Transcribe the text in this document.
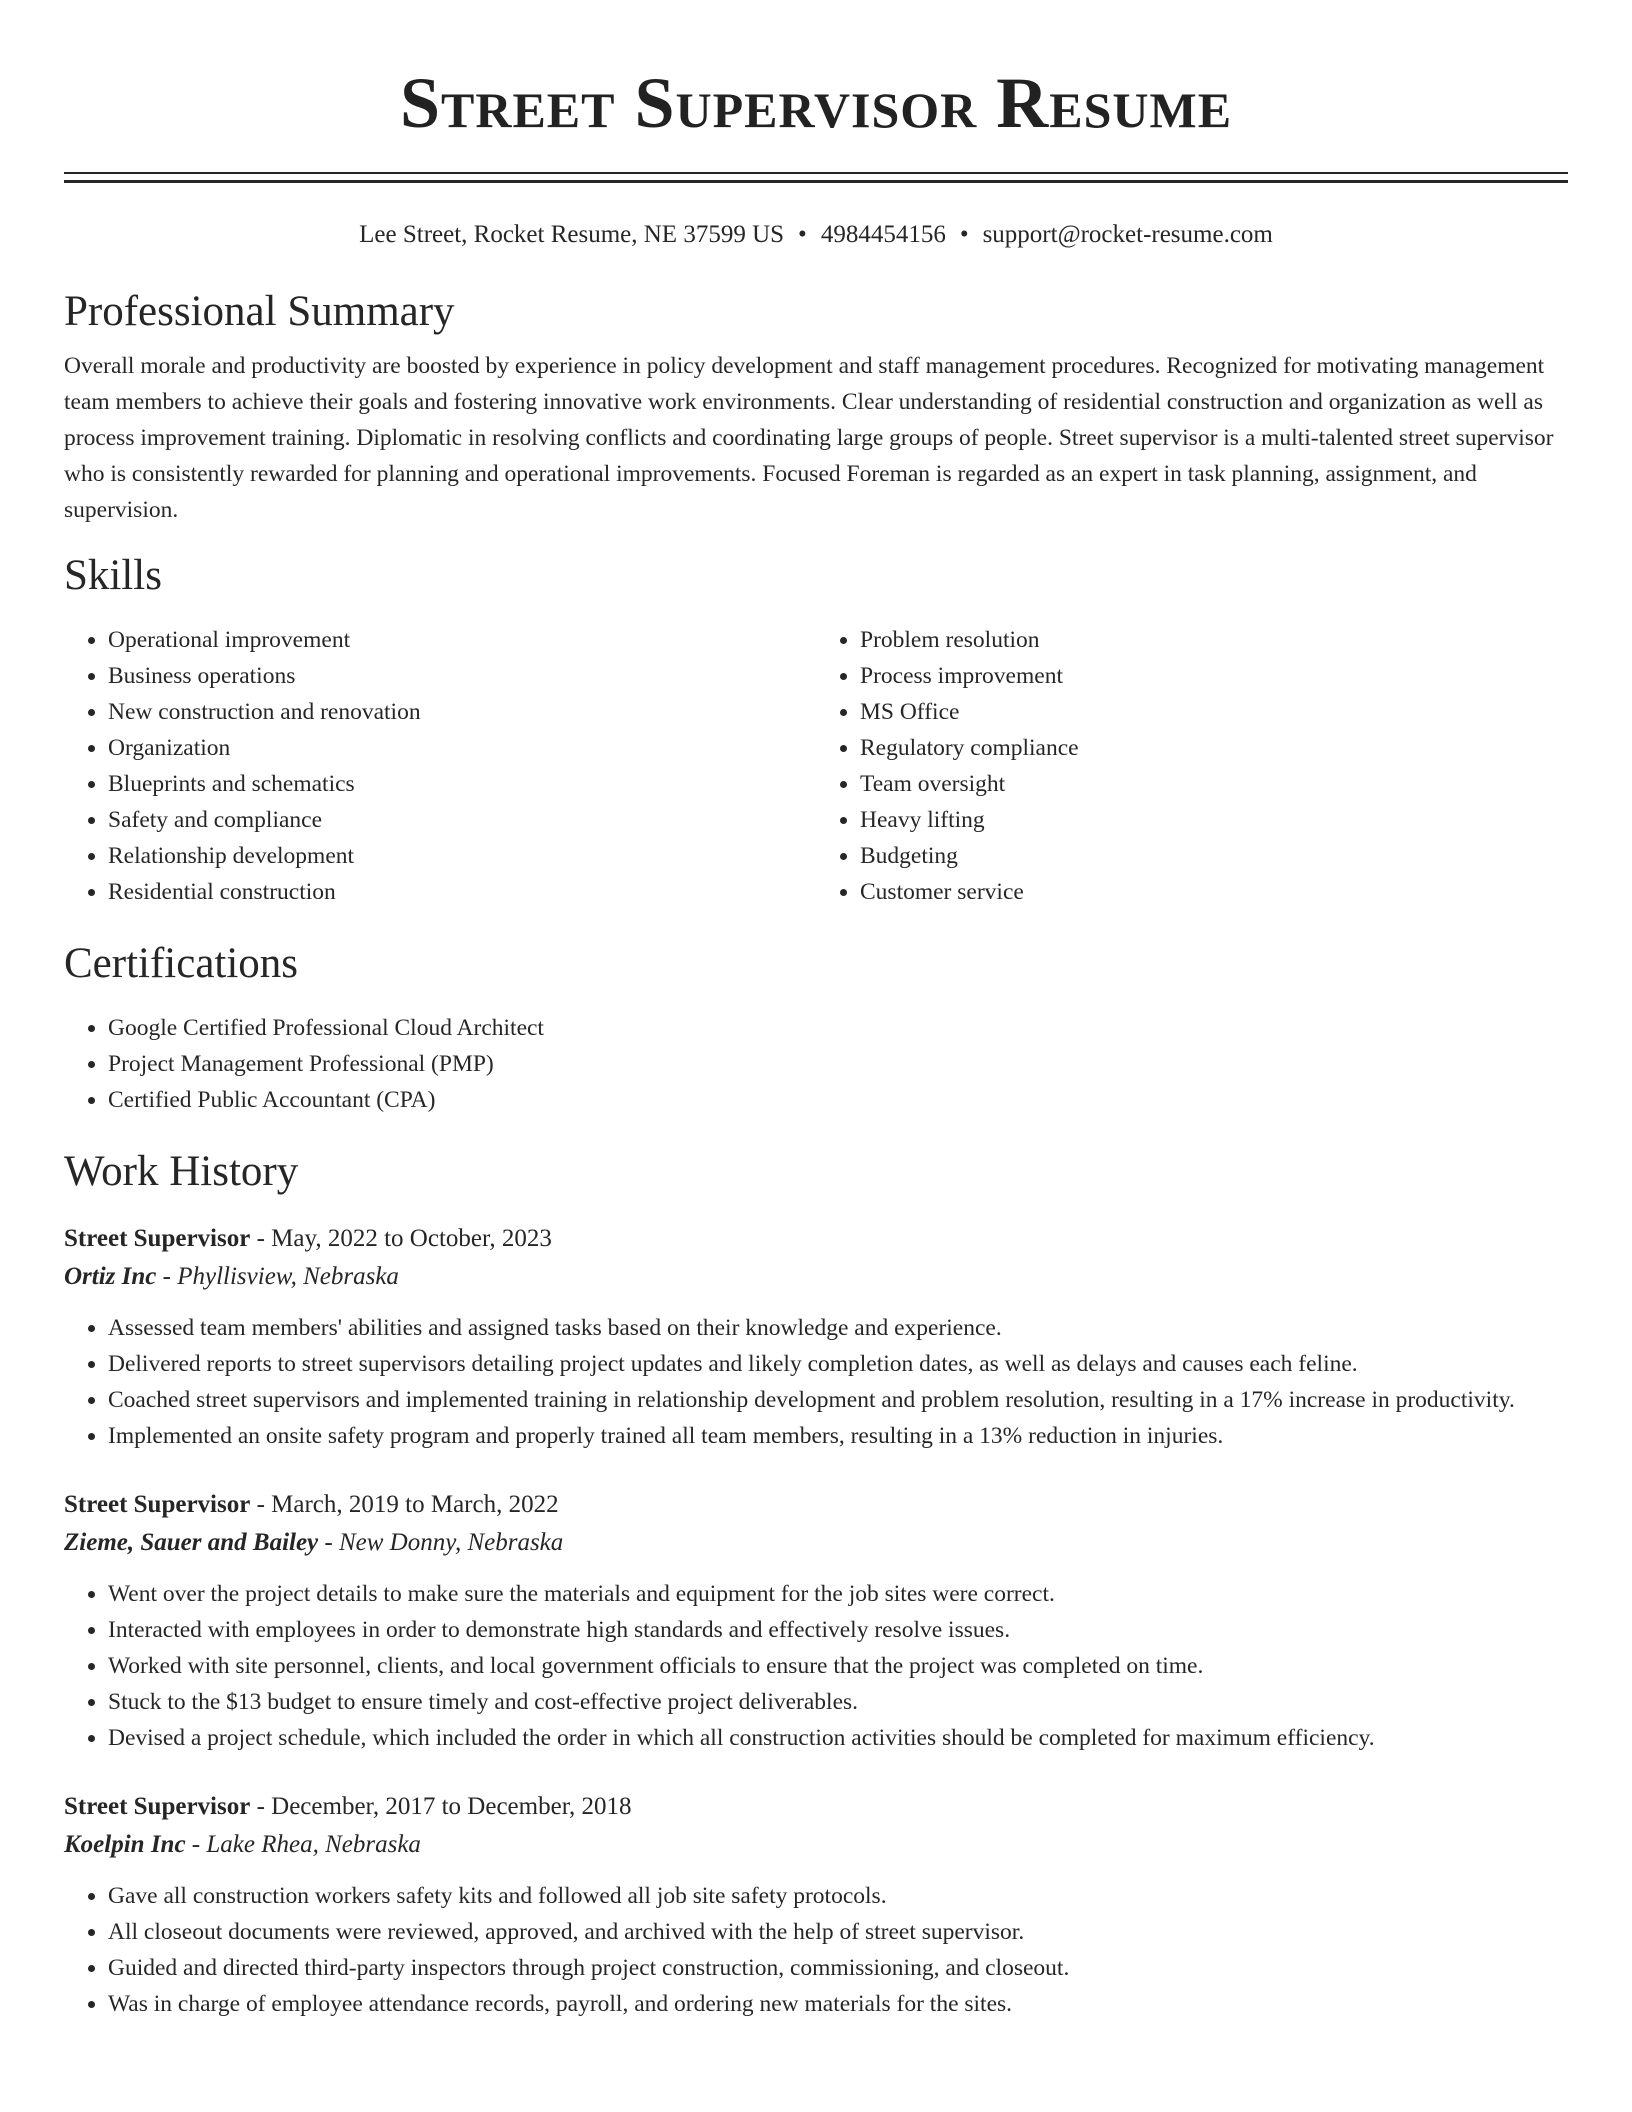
Street Supervisor Resume
Lee Street, Rocket Resume, NE 37599 US • 4984454156 • support@rocket-resume.com
Professional Summary

Overall morale and productivity are boosted by experience in policy development and staff management procedures. Recognized for motivating management team members to achieve their goals and fostering innovative work environments. Clear understanding of residential construction and organization as well as process improvement training. Diplomatic in resolving conflicts and coordinating large groups of people. Street supervisor is a multi-talented street supervisor who is consistently rewarded for planning and operational improvements. Focused Foreman is regarded as an expert in task planning, assignment, and supervision.

Skills
• Operational improvement
• Business operations
• New construction and renovation
• Organization
• Blueprints and schematics
• Safety and compliance
• Relationship development
• Residential construction
• Problem resolution
• Process improvement
• MS Office
• Regulatory compliance
• Team oversight
• Heavy lifting
• Budgeting
• Customer service
Certifications
• Google Certified Professional Cloud Architect
• Project Management Professional (PMP)
• Certified Public Accountant (CPA)
Work History
Street Supervisor - May, 2022 to October, 2023
Ortiz Inc - Phyllisview, Nebraska
• Assessed team members' abilities and assigned tasks based on their knowledge and experience.
• Delivered reports to street supervisors detailing project updates and likely completion dates, as well as delays and causes each feline.
• Coached street supervisors and implemented training in relationship development and problem resolution, resulting in a 17% increase in productivity.
• Implemented an onsite safety program and properly trained all team members, resulting in a 13% reduction in injuries.
Street Supervisor - March, 2019 to March, 2022
Zieme, Sauer and Bailey - New Donny, Nebraska
• Went over the project details to make sure the materials and equipment for the job sites were correct.
• Interacted with employees in order to demonstrate high standards and effectively resolve issues.
• Worked with site personnel, clients, and local government officials to ensure that the project was completed on time.
• Stuck to the $13 budget to ensure timely and cost-effective project deliverables.
• Devised a project schedule, which included the order in which all construction activities should be completed for maximum efficiency.
Street Supervisor - December, 2017 to December, 2018
Koelpin Inc - Lake Rhea, Nebraska
• Gave all construction workers safety kits and followed all job site safety protocols.
• All closeout documents were reviewed, approved, and archived with the help of street supervisor.
• Guided and directed third-party inspectors through project construction, commissioning, and closeout.
• Was in charge of employee attendance records, payroll, and ordering new materials for the sites.
